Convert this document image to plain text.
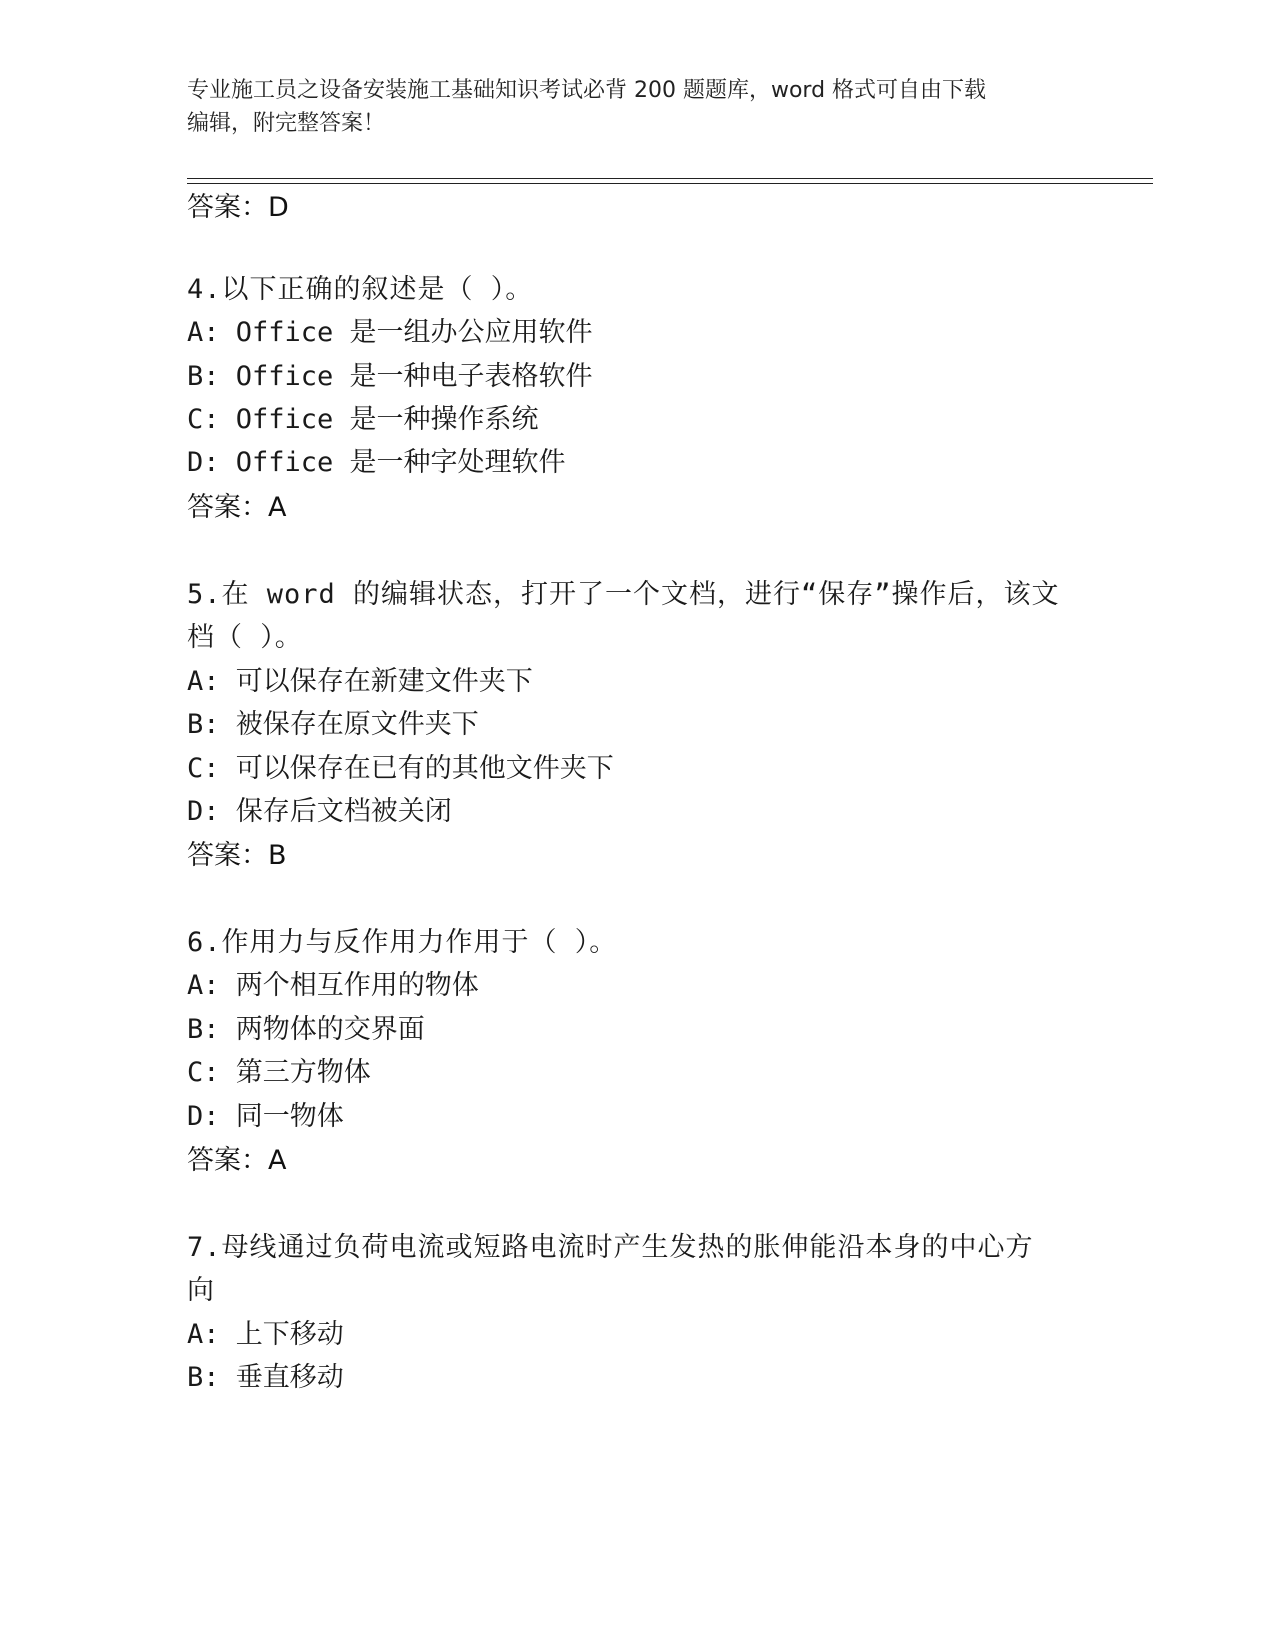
专业施工员之设备安装施工基础知识考试必背 200 题题库，word 格式可自由下载
编辑，附完整答案！
答案：D
4.以下正确的叙述是（ ）。
A: Office 是一组办公应用软件
B: Office 是一种电子表格软件
C: Office 是一种操作系统
D: Office 是一种字处理软件
答案：A
5.在 word 的编辑状态，打开了一个文档，进行“保存”操作后，该文
档（ ）。
A: 可以保存在新建文件夹下
B: 被保存在原文件夹下
C: 可以保存在已有的其他文件夹下
D: 保存后文档被关闭
答案：B
6.作用力与反作用力作用于（ ）。
A: 两个相互作用的物体
B: 两物体的交界面
C: 第三方物体
D: 同一物体
答案：A
7.母线通过负荷电流或短路电流时产生发热的胀伸能沿本身的中心方
向
A: 上下移动
B: 垂直移动
